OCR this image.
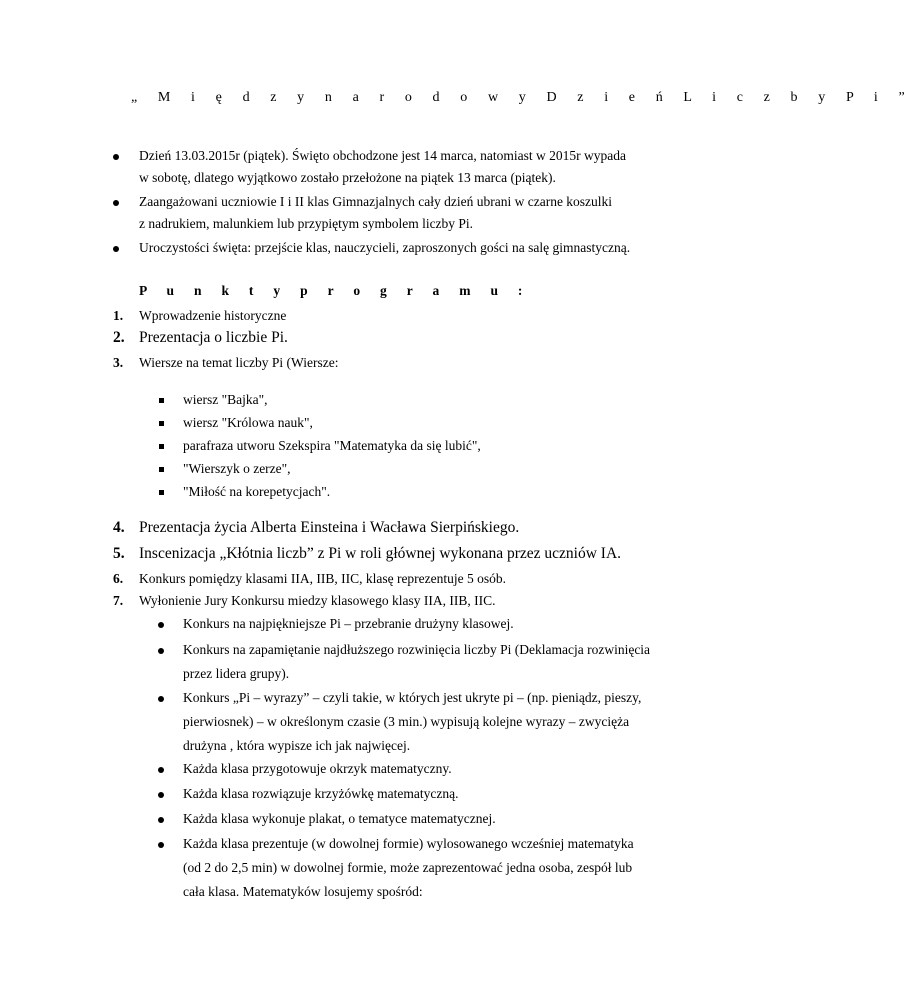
„ M i ę d z y n a r o d o w y D z i e ń L i c z b y P i ”
Dzień 13.03.2015r (piątek). Święto obchodzone jest 14 marca, natomiast w 2015r wypada
w sobotę, dlatego wyjątkowo zostało przełożone na piątek 13 marca (piątek).
Zaangażowani uczniowie I i II klas Gimnazjalnych cały dzień ubrani w czarne koszulki
z nadrukiem, malunkiem lub przypiętym symbolem liczby Pi.
Uroczystości święta: przejście klas, nauczycieli, zaproszonych gości na salę gimnastyczną.
P u n k t y p r o g r a m u :
1. Wprowadzenie historyczne
2. Prezentacja o liczbie Pi.
3. Wiersze na temat liczby Pi (Wiersze:
wiersz "Bajka",
wiersz "Królowa nauk",
parafraza utworu Szekspira "Matematyka da się lubić",
"Wierszyk o zerze",
"Miłość na korepetycjach".
4. Prezentacja życia Alberta Einsteina i Wacława Sierpińskiego.
5. Inscenizacja „Kłótnia liczb” z Pi w roli głównej wykonana przez uczniów IA.
6. Konkurs pomiędzy klasami IIA, IIB, IIC, klasę reprezentuje 5 osób.
7. Wyłonienie Jury Konkursu miedzy klasowego klasy IIA, IIB, IIC.
Konkurs na najpiękniejsze Pi – przebranie drużyny klasowej.
Konkurs na zapamiętanie najdłuższego rozwinięcia liczby Pi (Deklamacja rozwinięcia
przez lidera grupy).
Konkurs „Pi – wyrazy” – czyli takie, w których jest ukryte pi – (np. pieniądz, pieszy,
pierwiosnek) – w określonym czasie (3 min.) wypisują kolejne wyrazy – zwycięża
drużyna , która wypisze ich jak najwięcej.
Każda klasa przygotowuje okrzyk matematyczny.
Każda klasa rozwiązuje krzyżówkę matematyczną.
Każda klasa wykonuje plakat, o tematyce matematycznej.
Każda klasa prezentuje (w dowolnej formie) wylosowanego wcześniej matematyka
(od 2 do 2,5 min) w dowolnej formie, może zaprezentować jedna osoba, zespół lub
cała klasa. Matematyków losujemy spośród:
